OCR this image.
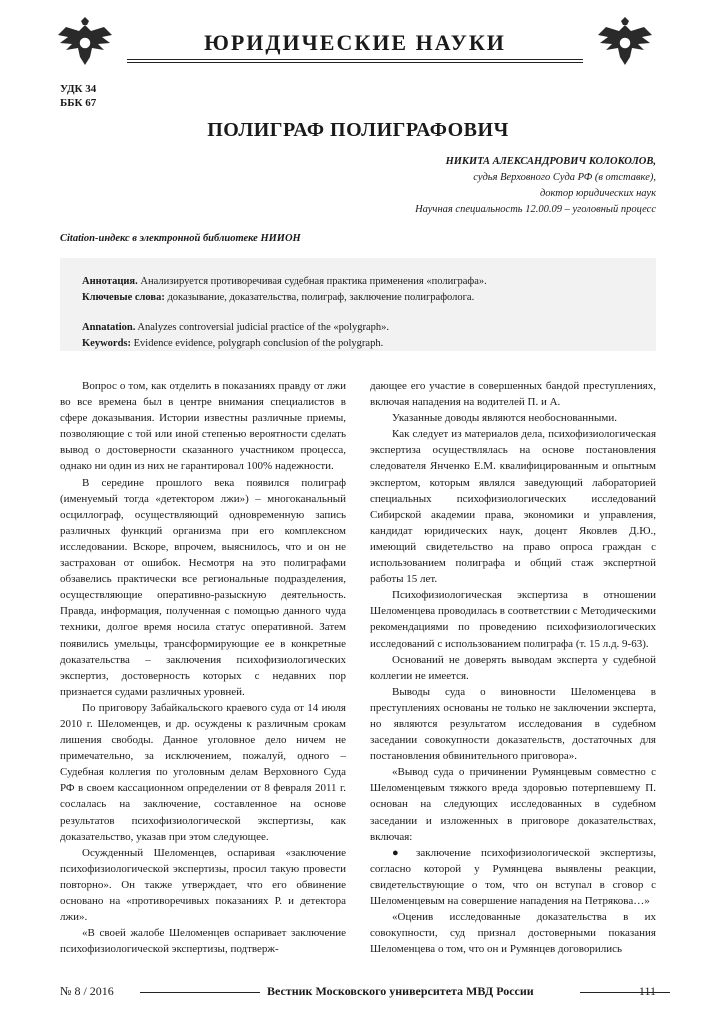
ЮРИДИЧЕСКИЕ НАУКИ
УДК 34
ББК 67
ПОЛИГРАФ ПОЛИГРАФОВИЧ
НИКИТА АЛЕКСАНДРОВИЧ КОЛОКОЛОВ,
судья Верховного Суда РФ (в отставке),
доктор юридических наук
Научная специальность 12.00.09 – уголовный процесс
Citation-индекс в электронной библиотеке НИИОН

Аннотация. Анализируется противоречивая судебная практика применения «полиграфа».

Ключевые слова: доказывание, доказательства, полиграф, заключение полиграфолога.

Annatation. Analyzes controversial judicial practice of the «polygraph».

Keywords: Evidence evidence, polygraph conclusion of the polygraph.

Вопрос о том, как отделить в показаниях правду от лжи во все времена был в центре внимания специалистов в сфере доказывания. Истории известны различные приемы, позволяющие с той или иной степенью вероятности сделать вывод о достоверности сказанного участником процесса, однако ни один из них не гарантировал 100% надежности.

В середине прошлого века появился полиграф (именуемый тогда «детектором лжи») – многоканальный осциллограф, осуществляющий одновременную запись различных функций организма при его комплексном исследовании. Вскоре, впрочем, выяснилось, что и он не застрахован от ошибок. Несмотря на это полиграфами обзавелись практически все региональные подразделения, осуществляющие оперативно-разыскную деятельность. Правда, информация, полученная с помощью данного чуда техники, долгое время носила статус оперативной. Затем появились умельцы, трансформирующие ее в конкретные доказательства – заключения психофизиологических экспертиз, достоверность которых с недавних пор признается судами различных уровней.

По приговору Забайкальского краевого суда от 14 июля 2010 г. Шеломенцев, и др. осуждены к различным срокам лишения свободы. Данное уголовное дело ничем не примечательно, за исключением, пожалуй, одного – Судебная коллегия по уголовным делам Верховного Суда РФ в своем кассационном определении от 8 февраля 2011 г. сослалась на заключение, составленное на основе результатов психофизиологической экспертизы, как доказательство, указав при этом следующее.

Осужденный Шеломенцев, оспаривая «заключение психофизиологической экспертизы, просил такую провести повторно». Он также утверждает, что его обвинение основано на «противоречивых показаниях Р. и детектора лжи».

«В своей жалобе Шеломенцев оспаривает заключение психофизиологической экспертизы, подтверж-

дающее его участие в совершенных бандой преступлениях, включая нападения на водителей П. и А.

Указанные доводы являются необоснованными.

Как следует из материалов дела, психофизиологическая экспертиза осуществлялась на основе постановления следователя Янченко Е.М. квалифицированным и опытным экспертом, которым являлся заведующий лабораторией специальных психофизиологических исследований Сибирской академии права, экономики и управления, кандидат юридических наук, доцент Яковлев Д.Ю., имеющий свидетельство на право опроса граждан с использованием полиграфа и общий стаж экспертной работы 15 лет.

Психофизиологическая экспертиза в отношении Шеломенцева проводилась в соответствии с Методическими рекомендациями по проведению психофизиологических исследований с использованием полиграфа (т. 15 л.д. 9-63).

Оснований не доверять выводам эксперта у судебной коллегии не имеется.

Выводы суда о виновности Шеломенцева в преступлениях основаны не только не заключении эксперта, но являются результатом исследования в судебном заседании совокупности доказательств, достаточных для постановления обвинительного приговора».

«Вывод суда о причинении Румянцевым совместно с Шеломенцевым тяжкого вреда здоровью потерпевшему П. основан на следующих исследованных в судебном заседании и изложенных в приговоре доказательствах, включая:

● заключение психофизиологической экспертизы, согласно которой у Румянцева выявлены реакции, свидетельствующие о том, что он вступал в сговор с Шеломенцевым на совершение нападения на Петрякова…»

«Оценив исследованные доказательства в их совокупности, суд признал достоверными показания Шеломенцева о том, что он и Румянцев договорились

№ 8 / 2016	Вестник Московского университета МВД России	111
